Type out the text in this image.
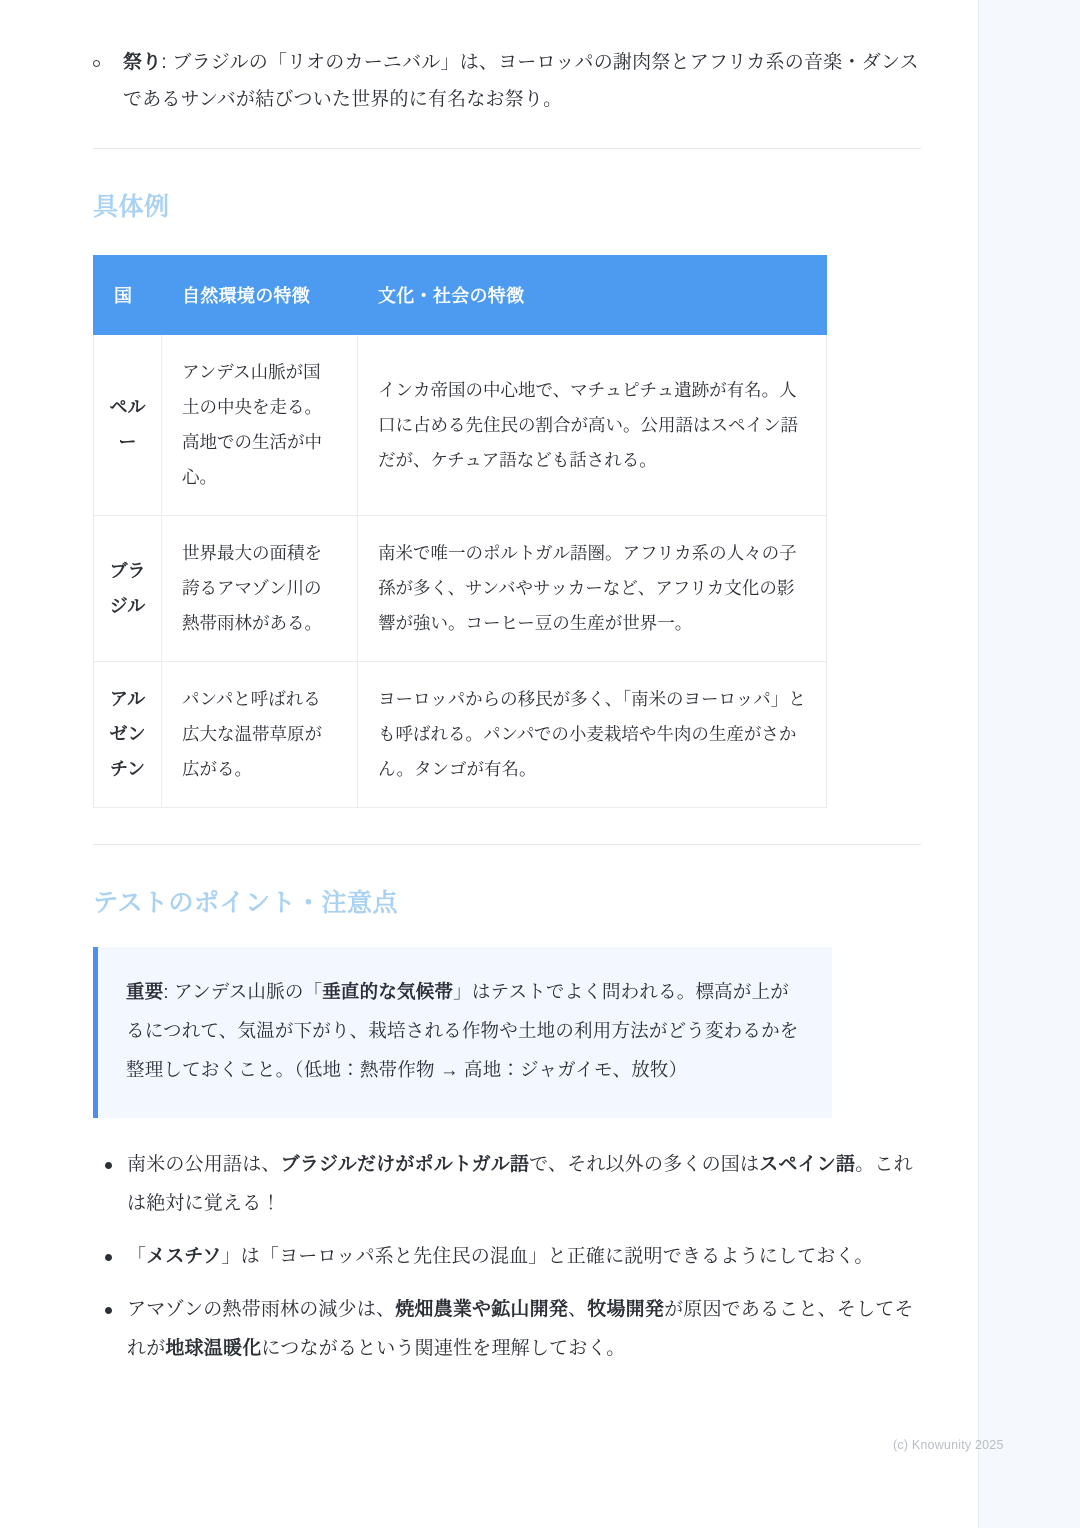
祭り: ブラジルの「リオのカーニバル」は、ヨーロッパの謝肉祭とアフリカ系の音楽・ダンスであるサンバが結びついた世界的に有名なお祭り。
具体例
国	自然環境の特徴	文化・社会の特徴
ペルー	アンデス山脈が国土の中央を走る。高地での生活が中心。	インカ帝国の中心地で、マチュピチュ遺跡が有名。人口に占める先住民の割合が高い。公用語はスペイン語だが、ケチュア語なども話される。
ブラジル	世界最大の面積を誇るアマゾン川の熱帯雨林がある。	南米で唯一のポルトガル語圏。アフリカ系の人々の子孫が多く、サンバやサッカーなど、アフリカ文化の影響が強い。コーヒー豆の生産が世界一。
アルゼンチン	パンパと呼ばれる広大な温帯草原が広がる。	ヨーロッパからの移民が多く、「南米のヨーロッパ」とも呼ばれる。パンパでの小麦栽培や牛肉の生産がさかん。タンゴが有名。
テストのポイント・注意点

重要: アンデス山脈の「垂直的な気候帯」はテストでよく問われる。標高が上がるにつれて、気温が下がり、栽培される作物や土地の利用方法がどう変わるかを整理しておくこと。（低地：熱帯作物 → 高地：ジャガイモ、放牧）

南米の公用語は、ブラジルだけがポルトガル語で、それ以外の多くの国はスペイン語。これは絶対に覚える！
「メスチソ」は「ヨーロッパ系と先住民の混血」と正確に説明できるようにしておく。
アマゾンの熱帯雨林の減少は、焼畑農業や鉱山開発、牧場開発が原因であること、そしてそれが地球温暖化につながるという関連性を理解しておく。
(c) Knowunity 2025
